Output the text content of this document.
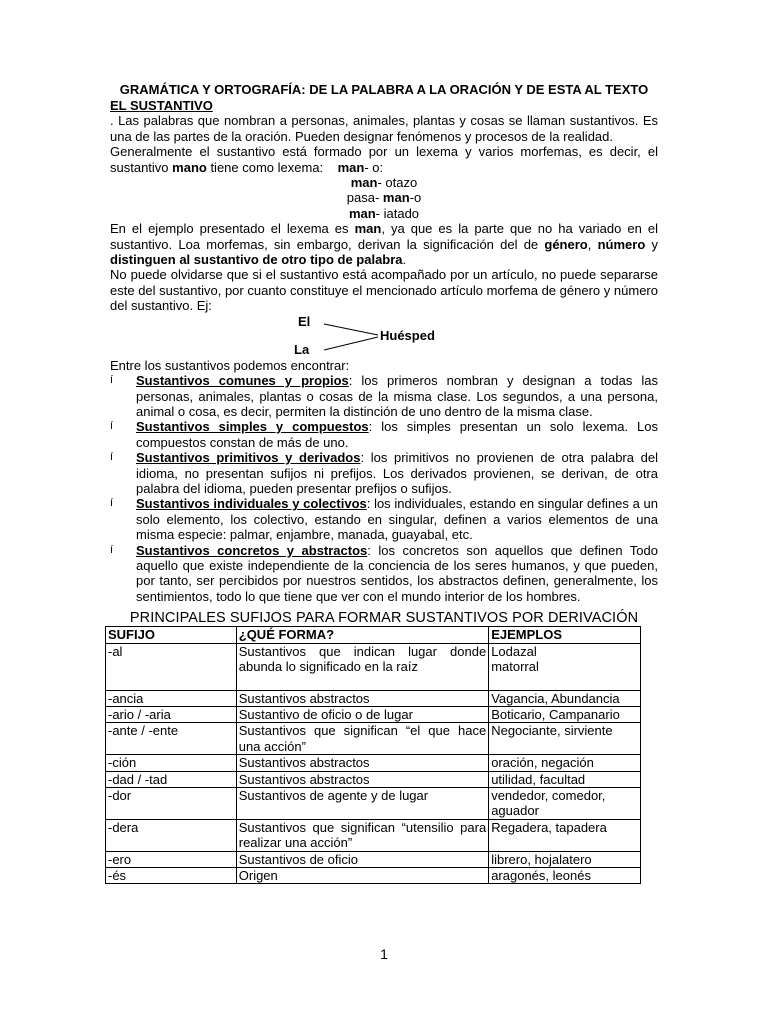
GRAMÁTICA Y ORTOGRAFÍA: DE LA PALABRA A LA ORACIÓN Y DE ESTA AL TEXTO
EL SUSTANTIVO

. Las palabras que nombran a personas, animales, plantas y cosas se llaman sustantivos. Es una de las partes de la oración. Pueden designar fenómenos y procesos de la realidad.

Generalmente el sustantivo está formado por un lexema y varios morfemas, es decir, el sustantivo mano tiene como lexema: man- o:

man- otazo
pasa- man-o
man- iatado

En el ejemplo presentado el lexema es man, ya que es la parte que no ha variado en el sustantivo. Loa morfemas, sin embargo, derivan la significación del de género, número y distinguen al sustantivo de otro tipo de palabra.

No puede olvidarse que si el sustantivo está acompañado por un artículo, no puede separarse este del sustantivo, por cuanto constituye el mencionado artículo morfema de género y número del sustantivo. Ej:

El
La
Huésped
Entre los sustantivos podemos encontrar:
í Sustantivos comunes y propios: los primeros nombran y designan a todas las personas, animales, plantas o cosas de la misma clase. Los segundos, a una persona, animal o cosa, es decir, permiten la distinción de uno dentro de la misma clase.
í Sustantivos simples y compuestos: los simples presentan un solo lexema. Los compuestos constan de más de uno.
í Sustantivos primitivos y derivados: los primitivos no provienen de otra palabra del idioma, no presentan sufijos ni prefijos. Los derivados provienen, se derivan, de otra palabra del idioma, pueden presentar prefijos o sufijos.
í Sustantivos individuales y colectivos: los individuales, estando en singular defines a un solo elemento, los colectivo, estando en singular, definen a varios elementos de una misma especie: palmar, enjambre, manada, guayabal, etc.
í Sustantivos concretos y abstractos: los concretos son aquellos que definen Todo aquello que existe independiente de la conciencia de los seres humanos, y que pueden, por tanto, ser percibidos por nuestros sentidos, los abstractos definen, generalmente, los sentimientos, todo lo que tiene que ver con el mundo interior de los hombres.
PRINCIPALES SUFIJOS PARA FORMAR SUSTANTIVOS POR DERIVACIÓN
SUFIJO	¿QUÉ FORMA?	EJEMPLOS
-al	Sustantivos que indican lugar donde abunda lo significado en la raíz	Lodazal
matorral
-ancia	Sustantivos abstractos	Vagancia, Abundancia
-ario / -aria	Sustantivo de oficio o de lugar	Boticario, Campanario
-ante / -ente	Sustantivos que significan “el que hace una acción”	Negociante, sirviente
-ción	Sustantivos abstractos	oración, negación
-dad / -tad	Sustantivos abstractos	utilidad, facultad
-dor	Sustantivos de agente y de lugar	vendedor, comedor, aguador
-dera	Sustantivos que significan “utensilio para realizar una acción”	Regadera, tapadera
-ero	Sustantivos de oficio	librero, hojalatero
-és	Origen	aragonés, leonés
1
